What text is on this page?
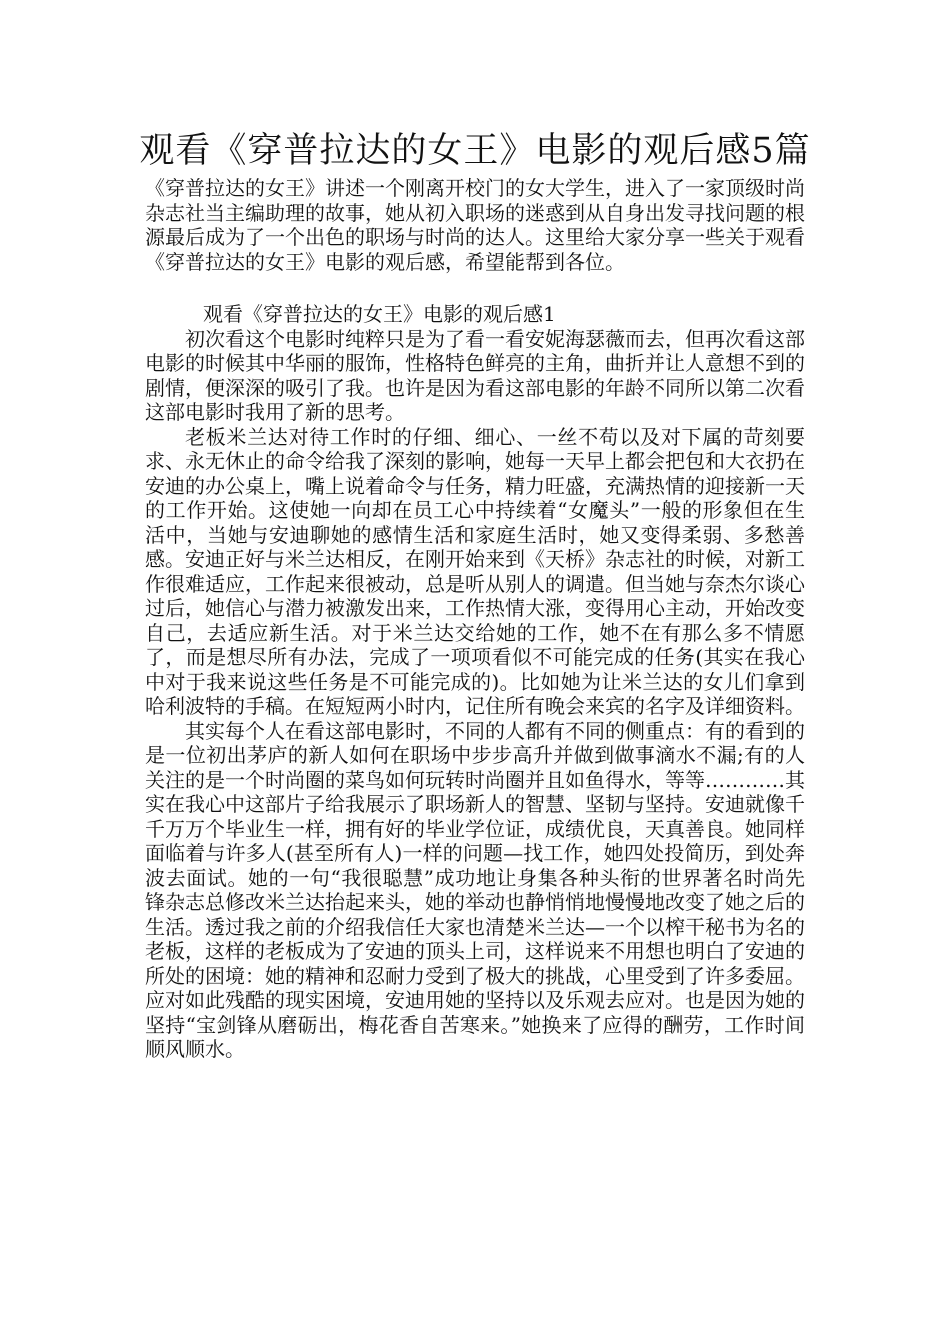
观看《穿普拉达的女王》电影的观后感5篇

《穿普拉达的女王》讲述一个刚离开校门的女大学生，进入了一家顶级时尚杂志社当主编助理的故事，她从初入职场的迷惑到从自身出发寻找问题的根源最后成为了一个出色的职场与时尚的达人。这里给大家分享一些关于观看《穿普拉达的女王》电影的观后感，希望能帮到各位。

观看《穿普拉达的女王》电影的观后感1

初次看这个电影时纯粹只是为了看一看安妮海瑟薇而去，但再次看这部电影的时候其中华丽的服饰，性格特色鲜亮的主角，曲折并让人意想不到的剧情，便深深的吸引了我。也许是因为看这部电影的年龄不同所以第二次看这部电影时我用了新的思考。

老板米兰达对待工作时的仔细、细心、一丝不苟以及对下属的苛刻要求、永无休止的命令给我了深刻的影响，她每一天早上都会把包和大衣扔在安迪的办公桌上，嘴上说着命令与任务，精力旺盛，充满热情的迎接新一天的工作开始。这使她一向却在员工心中持续着“女魔头”一般的形象但在生活中，当她与安迪聊她的感情生活和家庭生活时，她又变得柔弱、多愁善感。安迪正好与米兰达相反，在刚开始来到《天桥》杂志社的时候，对新工作很难适应，工作起来很被动，总是听从别人的调遣。但当她与奈杰尔谈心过后，她信心与潜力被激发出来，工作热情大涨，变得用心主动，开始改变自己，去适应新生活。对于米兰达交给她的工作，她不在有那么多不情愿了，而是想尽所有办法，完成了一项项看似不可能完成的任务(其实在我心中对于我来说这些任务是不可能完成的)。比如她为让米兰达的女儿们拿到哈利波特的手稿。在短短两小时内，记住所有晚会来宾的名字及详细资料。

其实每个人在看这部电影时，不同的人都有不同的侧重点：有的看到的是一位初出茅庐的新人如何在职场中步步高升并做到做事滴水不漏;有的人关注的是一个时尚圈的菜鸟如何玩转时尚圈并且如鱼得水，等等…………其实在我心中这部片子给我展示了职场新人的智慧、坚韧与坚持。安迪就像千千万万个毕业生一样，拥有好的毕业学位证，成绩优良，天真善良。她同样面临着与许多人(甚至所有人)一样的问题—找工作，她四处投简历，到处奔波去面试。她的一句“我很聪慧”成功地让身集各种头衔的世界著名时尚先锋杂志总修改米兰达抬起来头，她的举动也静悄悄地慢慢地改变了她之后的生活。透过我之前的介绍我信任大家也清楚米兰达—一个以榨干秘书为名的老板，这样的老板成为了安迪的顶头上司，这样说来不用想也明白了安迪的所处的困境：她的精神和忍耐力受到了极大的挑战，心里受到了许多委屈。应对如此残酷的现实困境，安迪用她的坚持以及乐观去应对。也是因为她的坚持“宝剑锋从磨砺出，梅花香自苦寒来。”她换来了应得的酬劳，工作时间顺风顺水。
